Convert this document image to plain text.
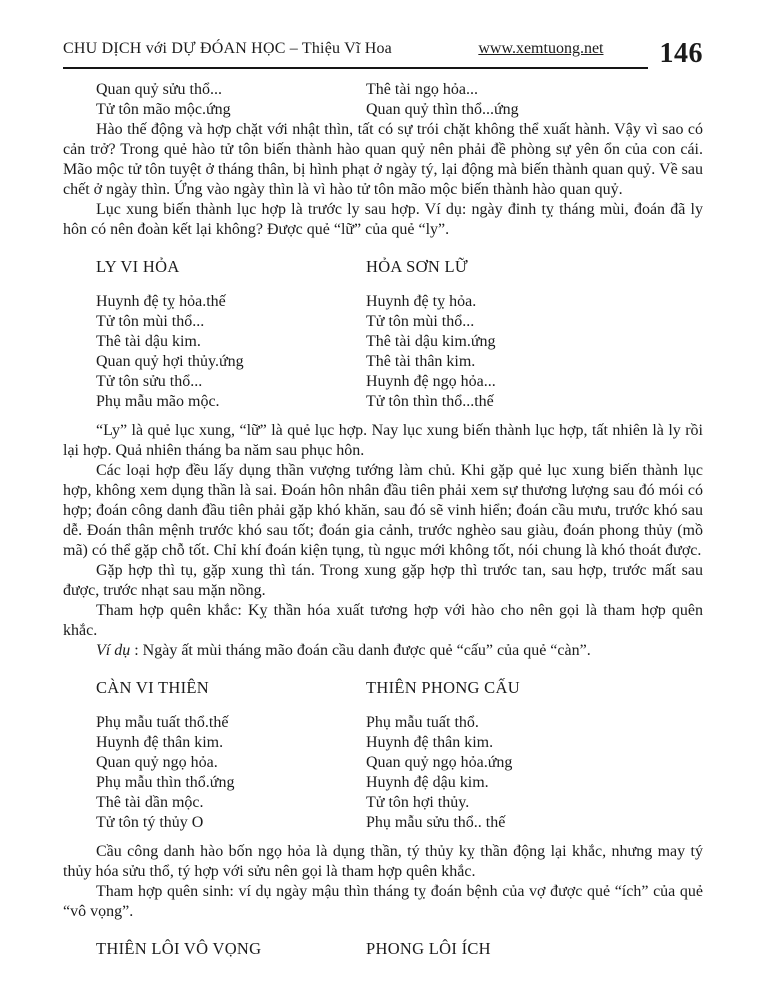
CHU DỊCH với DỰ ĐÓAN HỌC – Thiệu Vĩ Hoa	www.xemtuong.net 146
Quan quỷ sửu thổ...	Thê tài ngọ hỏa...
Tử tôn mão mộc.ứng	Quan quỷ thìn thổ...ứng

Hào thế động và hợp chặt với nhật thìn, tất có sự trói chặt không thể xuất hành. Vậy vì sao có cản trở? Trong quẻ hào tử tôn biến thành hào quan quỷ nên phải đề phòng sự yên ổn của con cái. Mão mộc tử tôn tuyệt ở tháng thân, bị hình phạt ở ngày tý, lại động mà biến thành quan quỷ. Về sau chết ở ngày thìn. Ứng vào ngày thìn là vì hào tử tôn mão mộc biến thành hào quan quỷ.

Lục xung biến thành lục hợp là trước ly sau hợp. Ví dụ: ngày đinh tỵ tháng mùi, đoán đã ly hôn có nên đoàn kết lại không? Được quẻ “lữ” của quẻ “ly”.

LY VI HỎA	HỎA SƠN LỮ
Huynh đệ tỵ hỏa.thế	Huynh đệ tỵ hỏa.
Tử tôn mùi thổ...	Tử tôn mùi thổ...
Thê tài dậu kim.	Thê tài dậu kim.ứng
Quan quỷ hợi thủy.ứng	Thê tài thân kim.
Tử tôn sửu thổ...	Huynh đệ ngọ hỏa...
Phụ mẫu mão mộc.	Tử tôn thìn thổ...thế

“Ly” là quẻ lục xung, “lữ” là quẻ lục hợp. Nay lục xung biến thành lục hợp, tất nhiên là ly rồi lại hợp. Quả nhiên tháng ba năm sau phục hôn.

Các loại hợp đều lấy dụng thần vượng tướng làm chủ. Khi gặp quẻ lục xung biến thành lục hợp, không xem dụng thần là sai. Đoán hôn nhân đầu tiên phải xem sự thương lượng sau đó mói có hợp; đoán công danh đầu tiên phải gặp khó khăn, sau đó sẽ vinh hiển; đoán cầu mưu, trước khó sau dễ. Đoán thân mệnh trước khó sau tốt; đoán gia cảnh, trước nghèo sau giàu, đoán phong thủy (mồ mã) có thể gặp chỗ tốt. Chỉ khí đoán kiện tụng, tù ngục mới không tốt, nói chung là khó thoát được.

Gặp hợp thì tụ, gặp xung thì tán. Trong xung gặp hợp thì trước tan, sau hợp, trước mất sau được, trước nhạt sau mặn nồng.

Tham hợp quên khắc: Kỵ thần hóa xuất tương hợp với hào cho nên gọi là tham hợp quên khắc.

Ví dụ : Ngày ất mùi tháng mão đoán cầu danh được quẻ “cấu” của quẻ “càn”.

CÀN VI THIÊN	THIÊN PHONG CẤU
Phụ mẫu tuất thổ.thế	Phụ mẫu tuất thổ.
Huynh đệ thân kim.	Huynh đệ thân kim.
Quan quỷ ngọ hỏa.	Quan quỷ ngọ hỏa.ứng
Phụ mẫu thìn thổ.ứng	Huynh đệ dậu kim.
Thê tài dần mộc.	Tử tôn hợi thủy.
Tử tôn tý thủy O	Phụ mẫu sửu thổ.. thế

Cầu công danh hào bốn ngọ hỏa là dụng thần, tý thủy kỵ thần động lại khắc, nhưng may tý thủy hóa sửu thổ, tý hợp với sửu nên gọi là tham hợp quên khắc.

Tham hợp quên sinh: ví dụ ngày mậu thìn tháng tỵ đoán bệnh của vợ được quẻ “ích” của quẻ “vô vọng”.

THIÊN LÔI VÔ VỌNG	PHONG LÔI ÍCH
